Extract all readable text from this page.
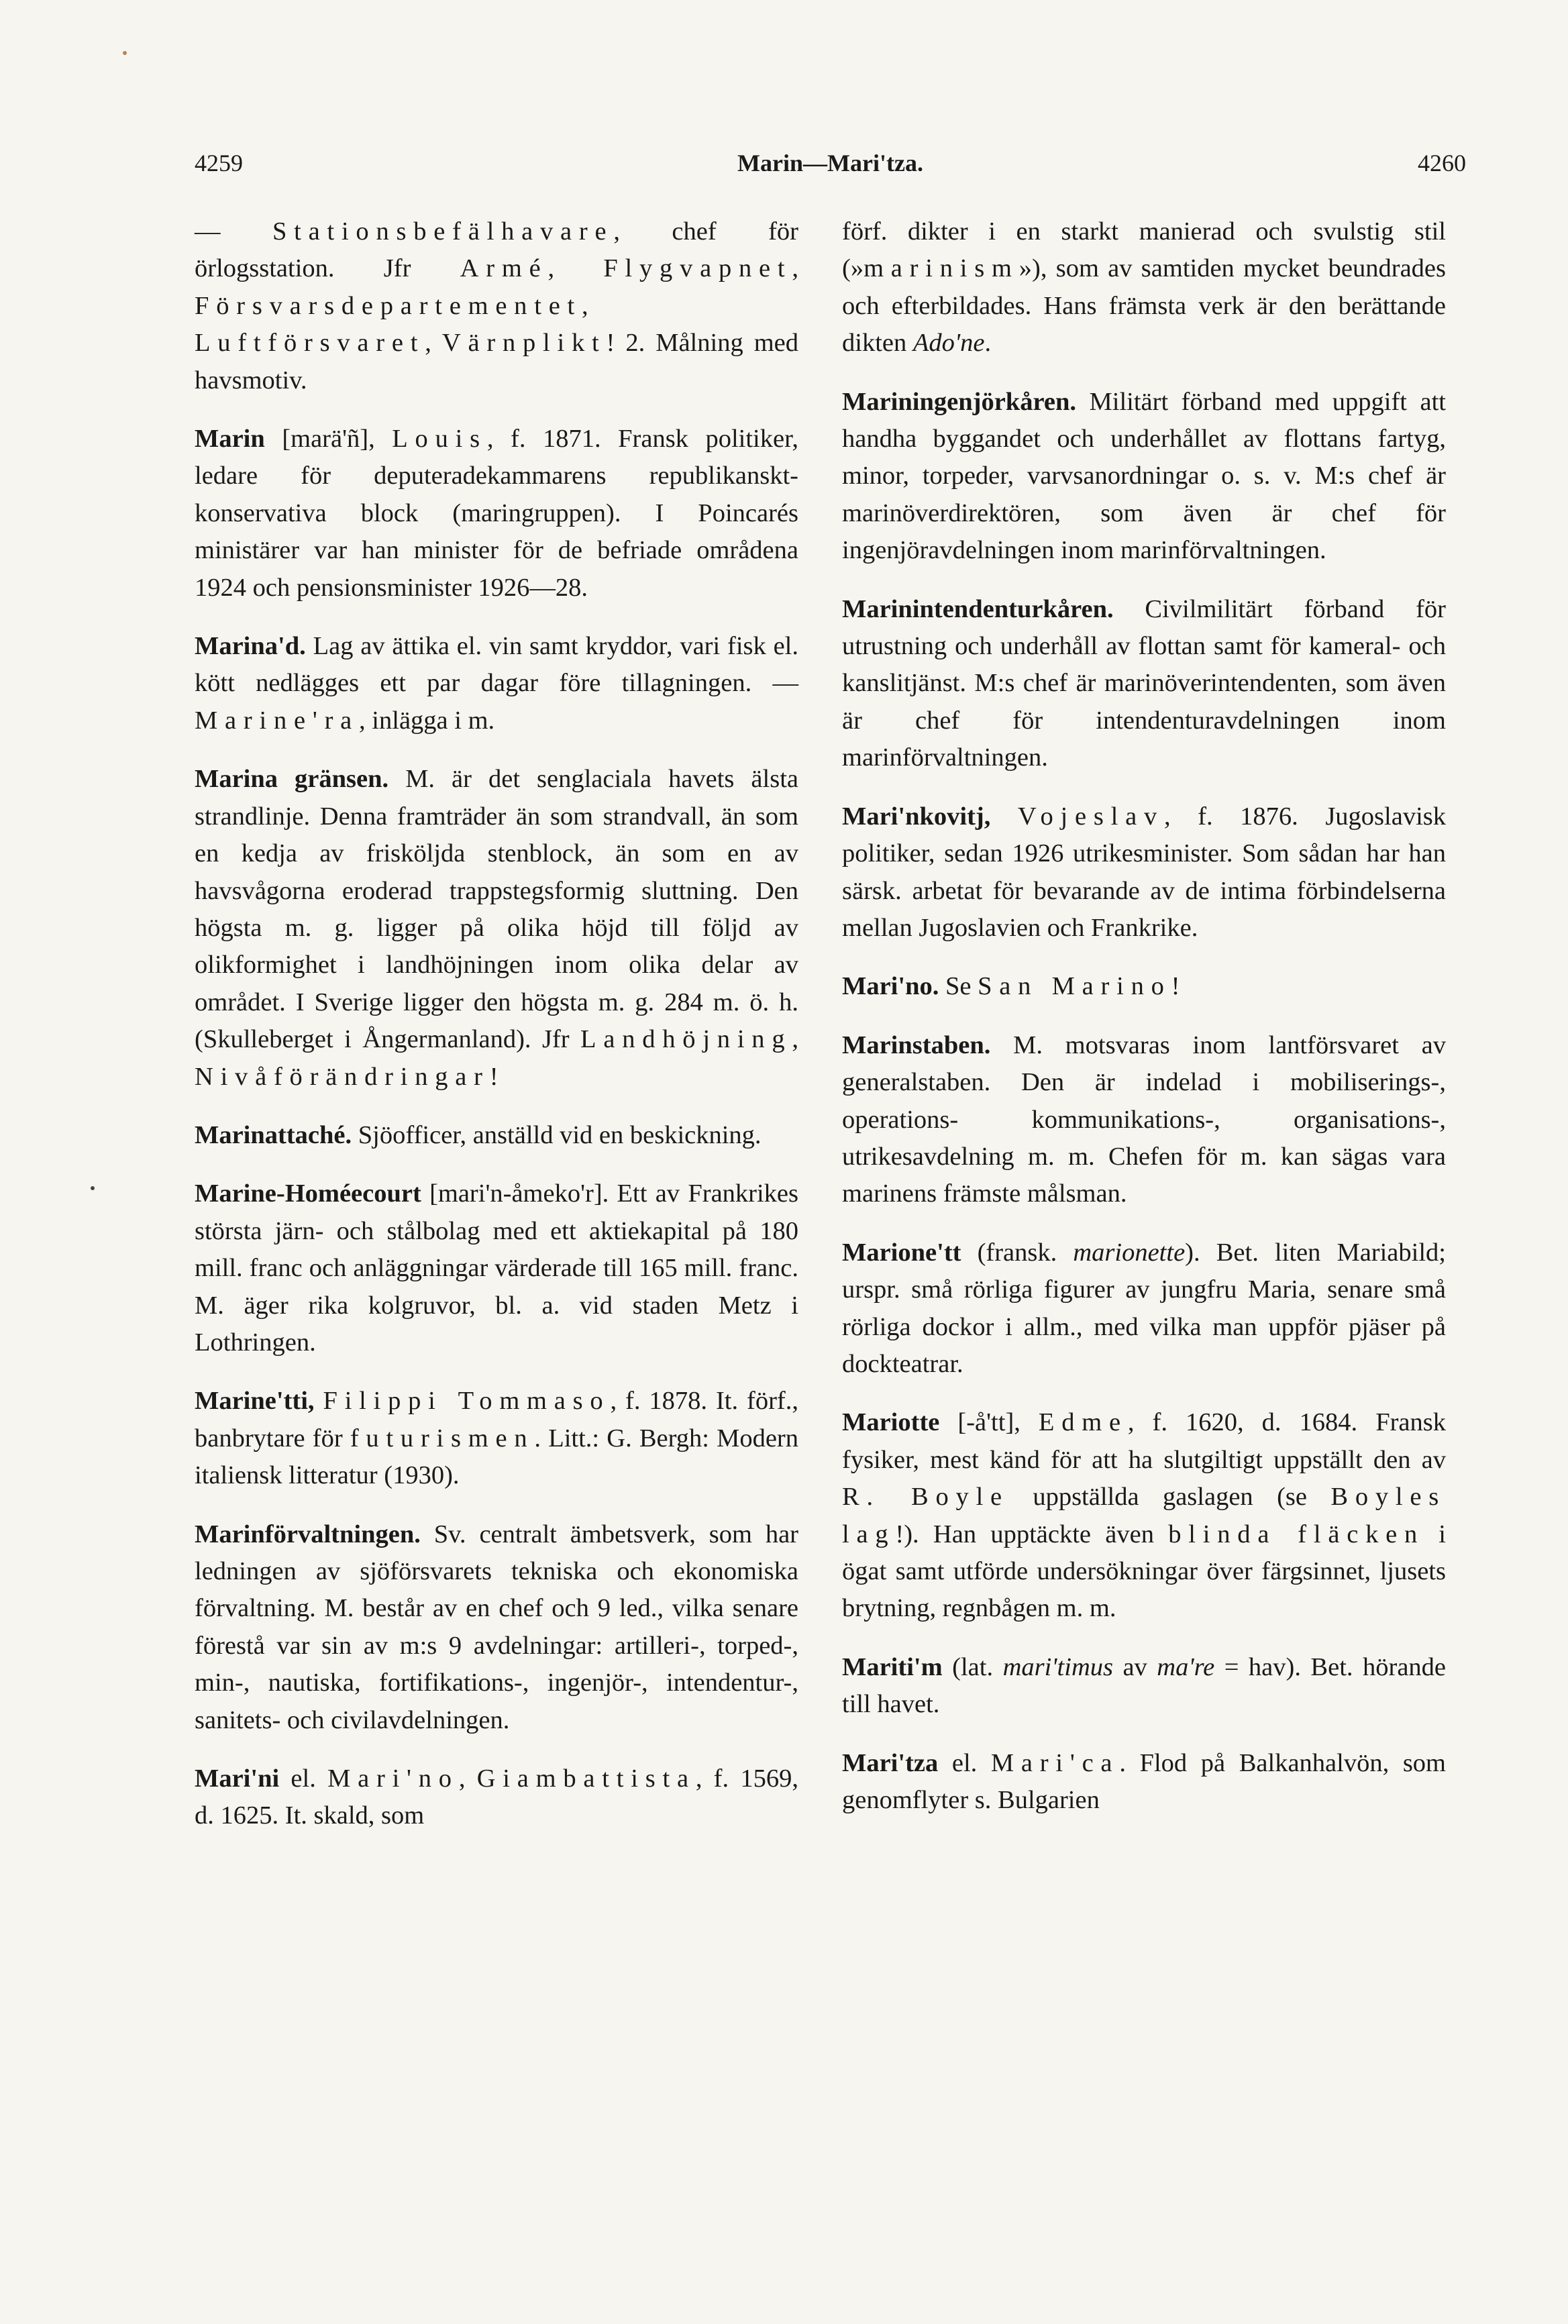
4259	Marin—Mari'tza.	4260

— Stationsbefälhavare, chef för örlogsstation. Jfr Armé, Flygvapnet, Försvarsdepartementet, Luftförsvaret, Värnplikt! 2. Målning med havsmotiv.

Marin [marä'ñ], Louis, f. 1871. Fransk politiker, ledare för deputeradekammarens republikanskt-konservativa block (maringruppen). I Poincarés ministärer var han minister för de befriade områdena 1924 och pensionsminister 1926—28.

Marina'd. Lag av ättika el. vin samt kryddor, vari fisk el. kött nedlägges ett par dagar före tillagningen. — Marine'ra, inlägga i m.

Marina gränsen. M. är det senglaciala havets älsta strandlinje. Denna framträder än som strandvall, än som en kedja av frisköljda stenblock, än som en av havsvågorna eroderad trappstegsformig sluttning. Den högsta m. g. ligger på olika höjd till följd av olikformighet i landhöjningen inom olika delar av området. I Sverige ligger den högsta m. g. 284 m. ö. h. (Skulleberget i Ångermanland). Jfr Landhöjning, Nivåförändringar!

Marinattaché. Sjöofficer, anställd vid en beskickning.

Marine-Homéecourt [mari'n-åmeko'r]. Ett av Frankrikes största järn- och stålbolag med ett aktiekapital på 180 mill. franc och anläggningar värderade till 165 mill. franc. M. äger rika kolgruvor, bl. a. vid staden Metz i Lothringen.

Marine'tti, Filippi Tommaso, f. 1878. It. förf., banbrytare för futurismen. Litt.: G. Bergh: Modern italiensk litteratur (1930).

Marinförvaltningen. Sv. centralt ämbetsverk, som har ledningen av sjöförsvarets tekniska och ekonomiska förvaltning. M. består av en chef och 9 led., vilka senare förestå var sin av m:s 9 avdelningar: artilleri-, torped-, min-, nautiska, fortifikations-, ingenjör-, intendentur-, sanitets- och civilavdelningen.

Mari'ni el. Mari'no, Giambattista, f. 1569, d. 1625. It. skald, som

förf. dikter i en starkt manierad och svulstig stil (»marinism»), som av samtiden mycket beundrades och efterbildades. Hans främsta verk är den berättande dikten Ado'ne.

Mariningenjörkåren. Militärt förband med uppgift att handha byggandet och underhållet av flottans fartyg, minor, torpeder, varvsanordningar o. s. v. M:s chef är marinöverdirektören, som även är chef för ingenjöravdelningen inom marinförvaltningen.

Marinintendenturkåren. Civilmilitärt förband för utrustning och underhåll av flottan samt för kameral- och kanslitjänst. M:s chef är marinöverintendenten, som även är chef för intendenturavdelningen inom marinförvaltningen.

Mari'nkovitj, Vojeslav, f. 1876. Jugoslavisk politiker, sedan 1926 utrikesminister. Som sådan har han särsk. arbetat för bevarande av de intima förbindelserna mellan Jugoslavien och Frankrike.

Mari'no. Se San Marino!

Marinstaben. M. motsvaras inom lantförsvaret av generalstaben. Den är indelad i mobiliserings-, operations- kommunikations-, organisations-, utrikesavdelning m. m. Chefen för m. kan sägas vara marinens främste målsman.

Marione'tt (fransk. marionette). Bet. liten Mariabild; urspr. små rörliga figurer av jungfru Maria, senare små rörliga dockor i allm., med vilka man uppför pjäser på dockteatrar.

Mariotte [-å'tt], Edme, f. 1620, d. 1684. Fransk fysiker, mest känd för att ha slutgiltigt uppställt den av R. Boyle uppställda gaslagen (se Boyles lag!). Han upptäckte även blinda fläcken i ögat samt utförde undersökningar över färgsinnet, ljusets brytning, regnbågen m. m.

Mariti'm (lat. mari'timus av ma're = hav). Bet. hörande till havet.

Mari'tza el. Mari'ca. Flod på Balkanhalvön, som genomflyter s. Bulgarien
